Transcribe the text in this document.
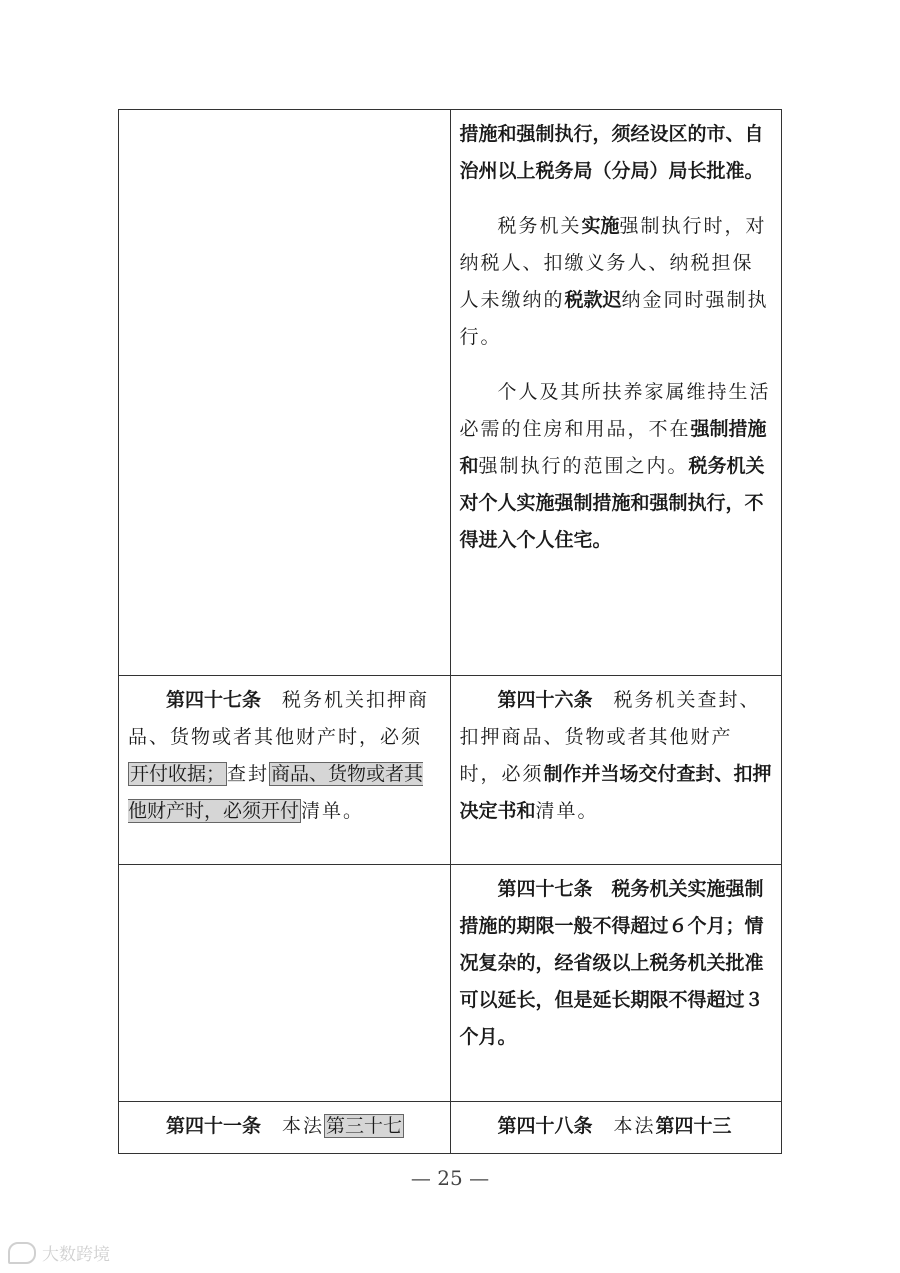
	措施和强制执行，须经设区的市、自治州以上税务局（分局）局长批准。

税务机关实施强制执行时，对纳税人、扣缴义务人、纳税担保人未缴纳的税款迟纳金同时强制执行。

个人及其所扶养家属维持生活必需的住房和用品，不在强制措施和强制执行的范围之内。税务机关对个人实施强制措施和强制执行，不得进入个人住宅。

第四十七条　税务机关扣押商品、货物或者其他财产时，必须开付收据； 查封 商品、货物或者其他财产时，必须开付 清单。	第四十六条　税务机关查封、扣押商品、货物或者其他财产时，必须制作并当场交付查封、扣押决定书和清单。

	第四十七条　税务机关实施强制措施的期限一般不得超过６个月；情况复杂的，经省级以上税务机关批准可以延长，但是延长期限不得超过３个月。

第四十一条　本法 第三十七	第四十八条　本法第四十三

— 25 —
大数跨境
